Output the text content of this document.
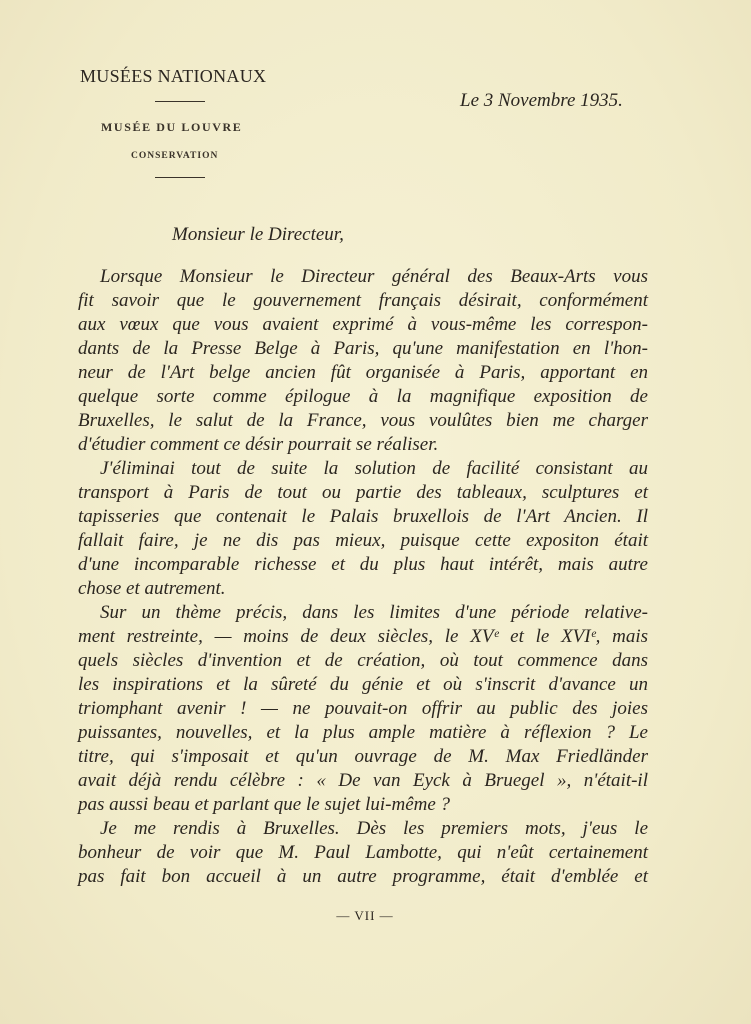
MUSÉES NATIONAUX
MUSÉE DU LOUVRE
CONSERVATION
Le 3 Novembre 1935.
Monsieur le Directeur,
Lorsque Monsieur le Directeur général des Beaux-Arts vous
fit savoir que le gouvernement français désirait, conformément
aux vœux que vous avaient exprimé à vous-même les correspon-
dants de la Presse Belge à Paris, qu'une manifestation en l'hon-
neur de l'Art belge ancien fût organisée à Paris, apportant en
quelque sorte comme épilogue à la magnifique exposition de
Bruxelles, le salut de la France, vous voulûtes bien me charger
d'étudier comment ce désir pourrait se réaliser.
J'éliminai tout de suite la solution de facilité consistant au
transport à Paris de tout ou partie des tableaux, sculptures et
tapisseries que contenait le Palais bruxellois de l'Art Ancien. Il
fallait faire, je ne dis pas mieux, puisque cette expositon était
d'une incomparable richesse et du plus haut intérêt, mais autre
chose et autrement.
Sur un thème précis, dans les limites d'une période relative-
ment restreinte, — moins de deux siècles, le XVᵉ et le XVIᵉ, mais
quels siècles d'invention et de création, où tout commence dans
les inspirations et la sûreté du génie et où s'inscrit d'avance un
triomphant avenir ! — ne pouvait-on offrir au public des joies
puissantes, nouvelles, et la plus ample matière à réflexion ? Le
titre, qui s'imposait et qu'un ouvrage de M. Max Friedländer
avait déjà rendu célèbre : « De van Eyck à Bruegel », n'était-il
pas aussi beau et parlant que le sujet lui-même ?
Je me rendis à Bruxelles. Dès les premiers mots, j'eus le
bonheur de voir que M. Paul Lambotte, qui n'eût certainement
pas fait bon accueil à un autre programme, était d'emblée et
— VII —
